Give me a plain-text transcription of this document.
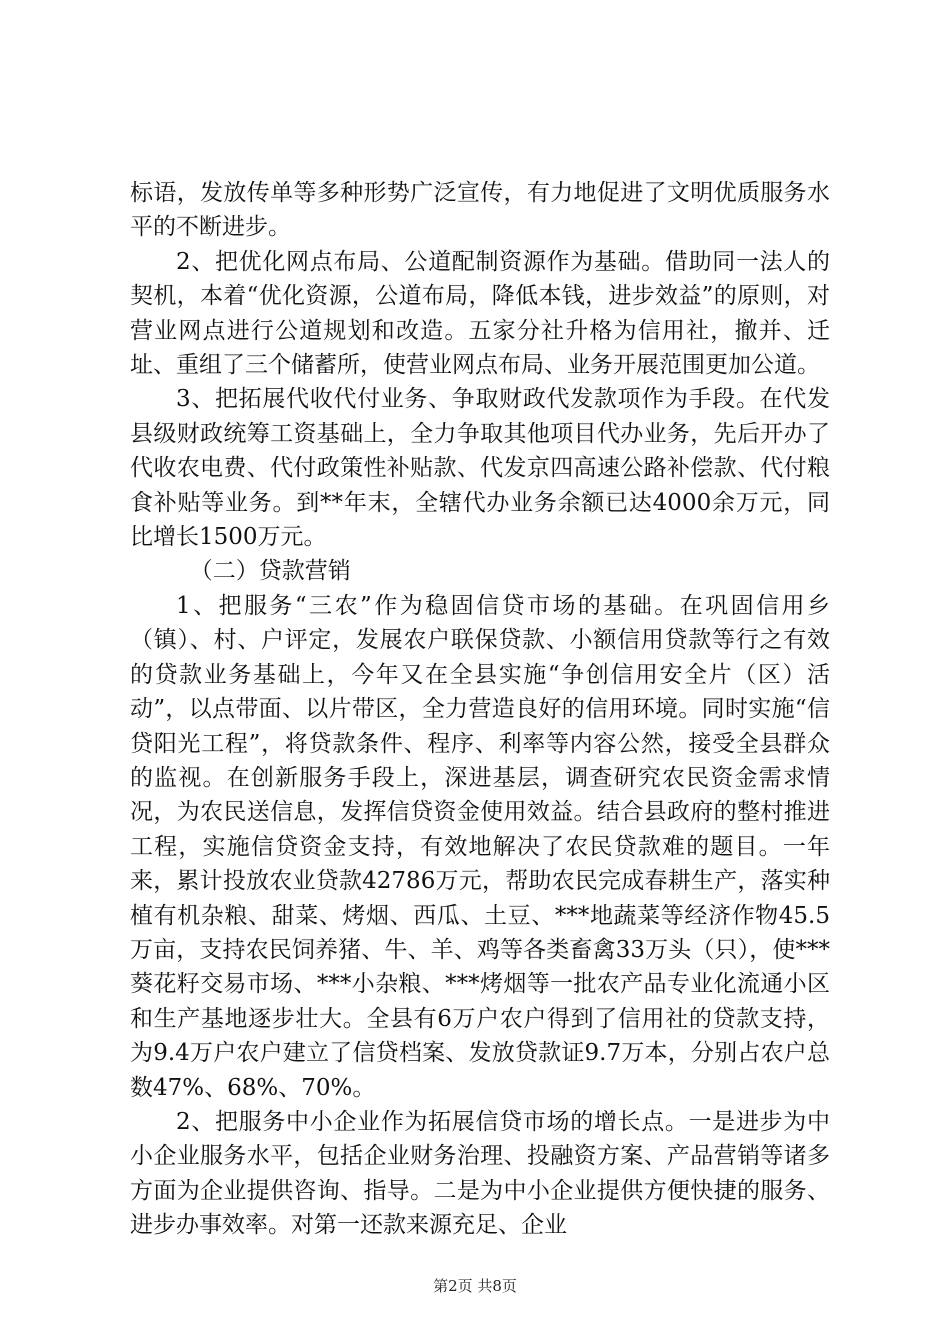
标语，发放传单等多种形势广泛宣传，有力地促进了文明优质服务水平的不断进步。

2、把优化网点布局、公道配制资源作为基础。借助同一法人的契机，本着“优化资源，公道布局，降低本钱，进步效益”的原则，对营业网点进行公道规划和改造。五家分社升格为信用社，撤并、迁址、重组了三个储蓄所，使营业网点布局、业务开展范围更加公道。

3、把拓展代收代付业务、争取财政代发款项作为手段。在代发县级财政统筹工资基础上，全力争取其他项目代办业务，先后开办了代收农电费、代付政策性补贴款、代发京四高速公路补偿款、代付粮食补贴等业务。到**年末，全辖代办业务余额已达4000余万元，同比增长1500万元。

（二）贷款营销

1、把服务“三农”作为稳固信贷市场的基础。在巩固信用乡（镇）、村、户评定，发展农户联保贷款、小额信用贷款等行之有效的贷款业务基础上，今年又在全县实施“争创信用安全片（区）活动”，以点带面、以片带区，全力营造良好的信用环境。同时实施“信贷阳光工程”，将贷款条件、程序、利率等内容公然，接受全县群众的监视。在创新服务手段上，深进基层，调查研究农民资金需求情况，为农民送信息，发挥信贷资金使用效益。结合县政府的整村推进工程，实施信贷资金支持，有效地解决了农民贷款难的题目。一年来，累计投放农业贷款42786万元，帮助农民完成春耕生产，落实种植有机杂粮、甜菜、烤烟、西瓜、土豆、***地蔬菜等经济作物45.5万亩，支持农民饲养猪、牛、羊、鸡等各类畜禽33万头（只），使***葵花籽交易市场、***小杂粮、***烤烟等一批农产品专业化流通小区和生产基地逐步壮大。全县有6万户农户得到了信用社的贷款支持，为9.4万户农户建立了信贷档案、发放贷款证9.7万本，分别占农户总数47%、68%、70%。

2、把服务中小企业作为拓展信贷市场的增长点。一是进步为中小企业服务水平，包括企业财务治理、投融资方案、产品营销等诸多方面为企业提供咨询、指导。二是为中小企业提供方便快捷的服务、进步办事效率。对第一还款来源充足、企业

第2页 共8页
